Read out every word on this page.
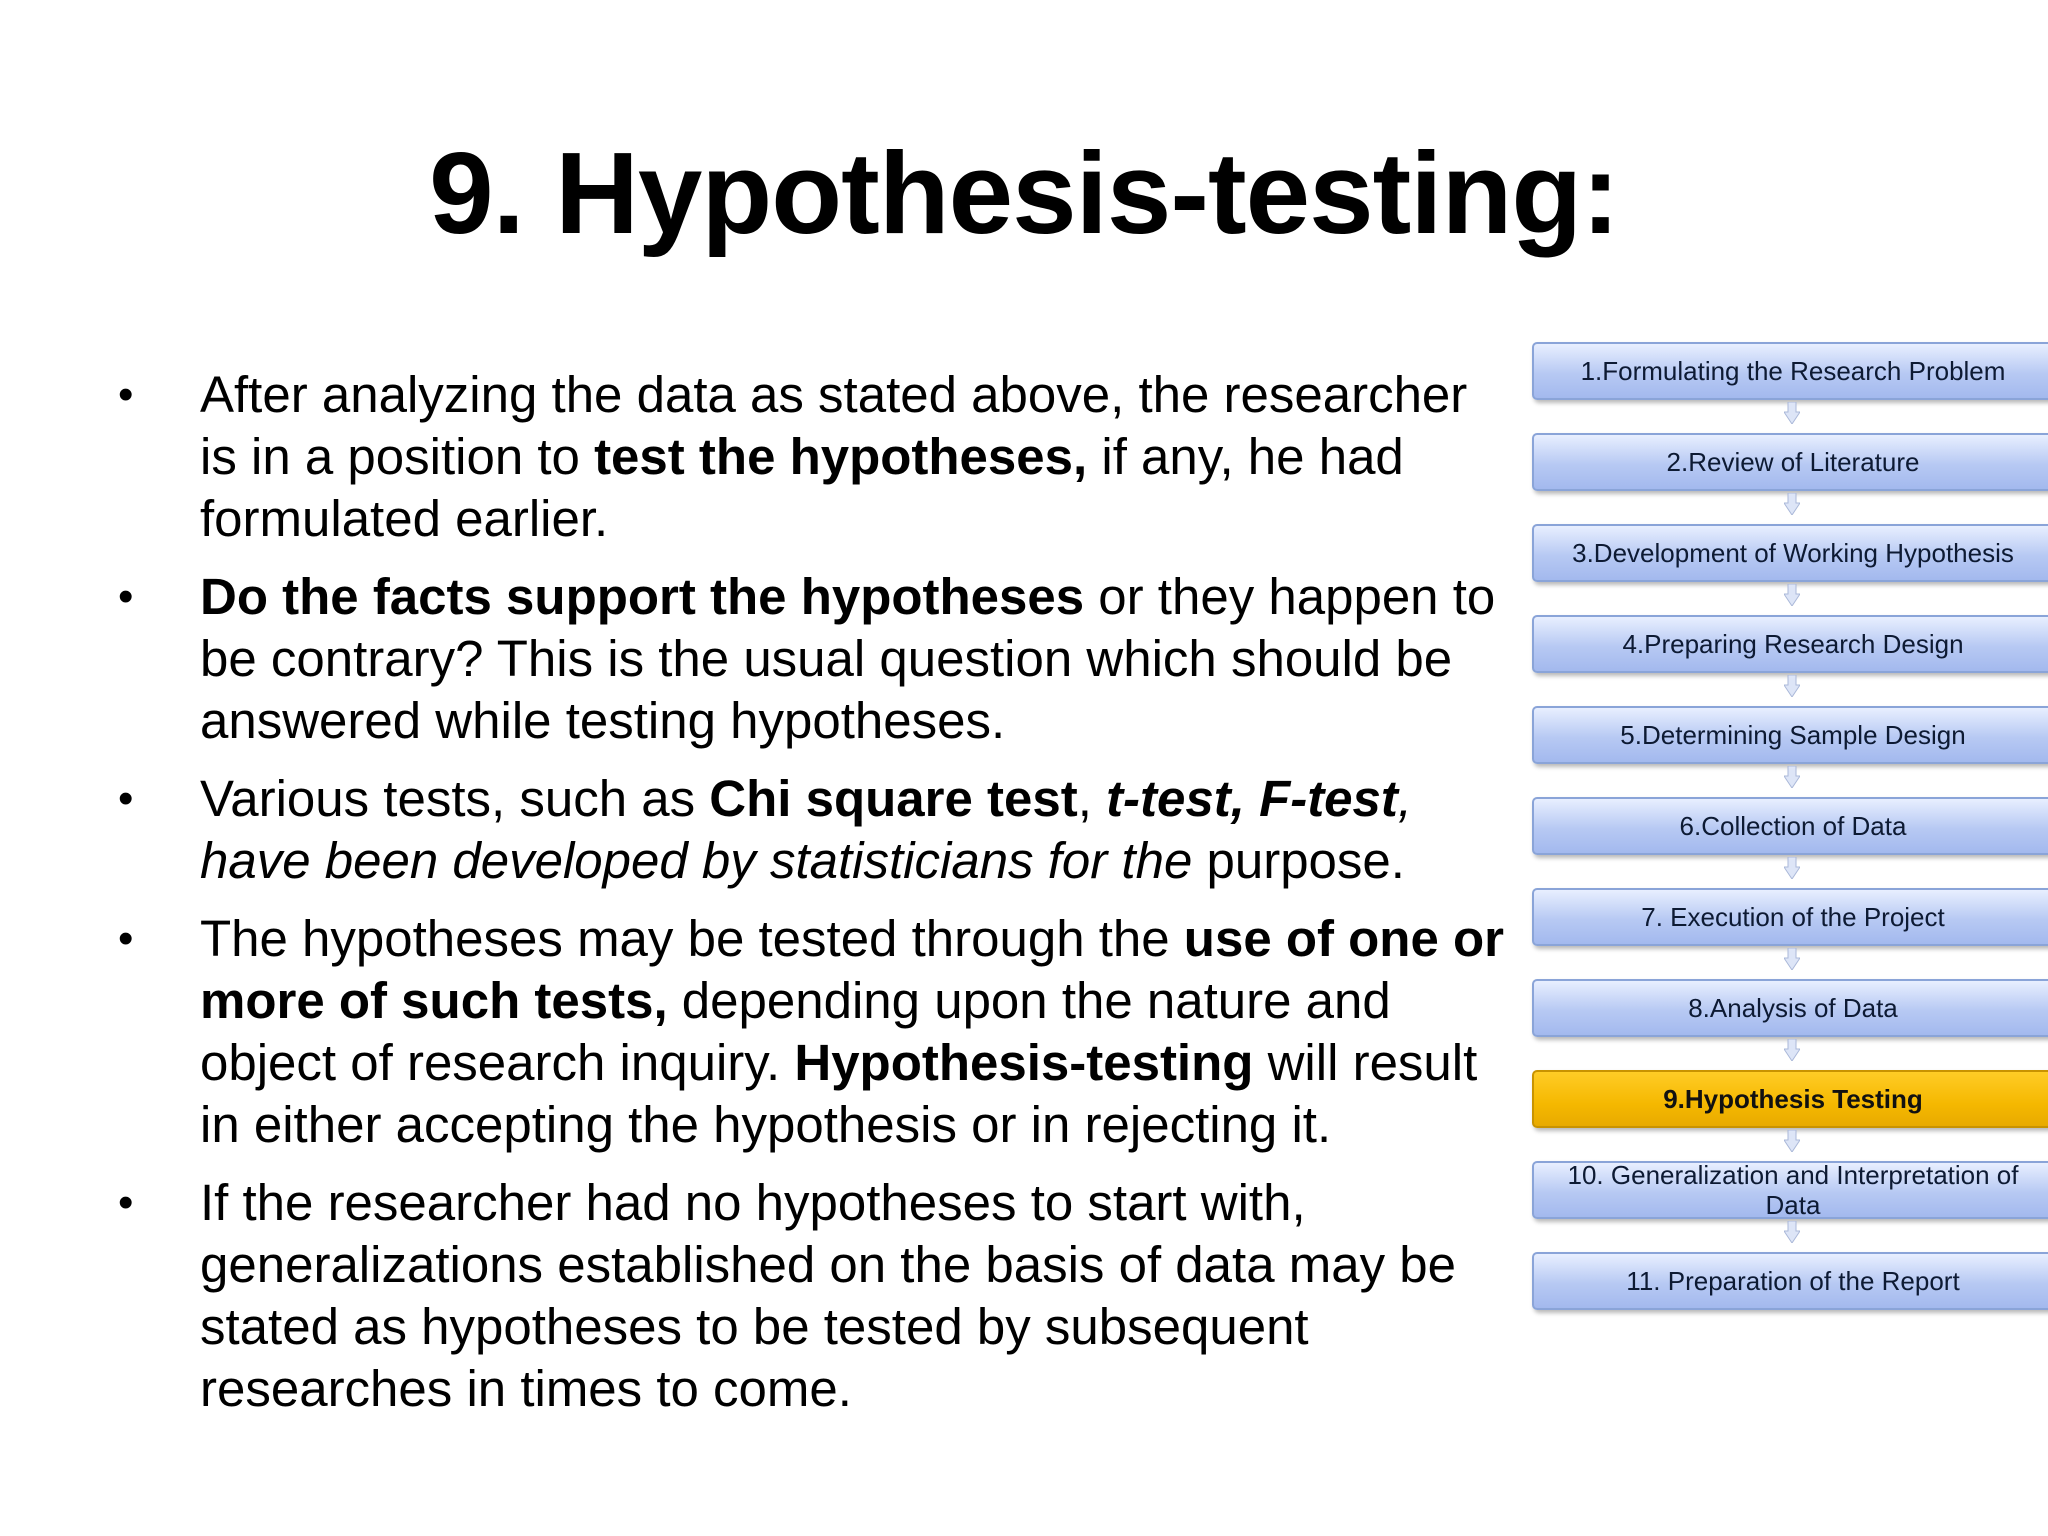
9. Hypothesis-testing:
•	After analyzing the data as stated above, the researcher is in a position to test the hypotheses, if any, he had formulated earlier.
•	Do the facts support the hypotheses or they happen to be contrary? This is the usual question which should be answered while testing hypotheses.
•	Various tests, such as Chi square test, t-test, F-test, have been developed by statisticians for the purpose.
•	The hypotheses may be tested through the use of one or more of such tests, depending upon the nature and object of research inquiry. Hypothesis-testing will result in either accepting the hypothesis or in rejecting it.
•	If the researcher had no hypotheses to start with, generalizations established on the basis of data may be stated as hypotheses to be tested by subsequent researches in times to come.
1.Formulating the Research Problem
2.Review of Literature
3.Development of Working Hypothesis
4.Preparing Research Design
5.Determining Sample Design
6.Collection of Data
7. Execution of the Project
8.Analysis of Data
9.Hypothesis Testing
10. Generalization and Interpretation of Data
11. Preparation of the Report
